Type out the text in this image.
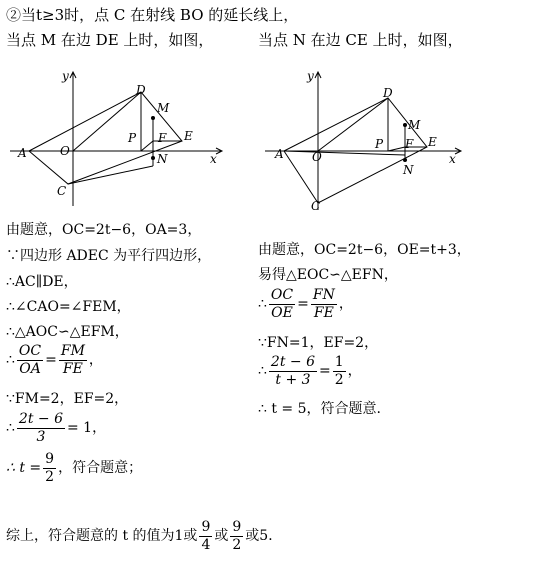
②当t≥3时，点 C 在射线 BO 的延长线上，
当点 M 在边 DE 上时，如图，	当点 N 在边 CE 上时，如图，
y
x
D
M
P F E
A	O
N
C
y
x
D
M
P F E
A O
N
C
由题意，OC=2t−6，OA=3，
∵四边形 ADEC 为平行四边形，
∴AC∥DE，
∴∠CAO=∠FEM，
∴△AOC∽△EFM，
∴ $\frac{OC}{OA} = \frac{FM}{FE}$ ，
∵FM=2，EF=2，
∴ $\frac{2t - 6}{3} = 1$，
∴ $t = \frac{9}{2}$ ，符合题意；
由题意，OC=2t−6，OE=t+3，
易得△EOC∽△EFN，
∴ $\frac{OC}{OE} = \frac{FN}{FE}$ ，
∵FN=1，EF=2，
∴ $\frac{2t - 6}{t + 3} = \frac{1}{2}$ ，
∴ t = 5，符合题意.
综上，符合题意的 t 的值为1或 $\frac{9}{4}$ 或 $\frac{9}{2}$ 或5．
